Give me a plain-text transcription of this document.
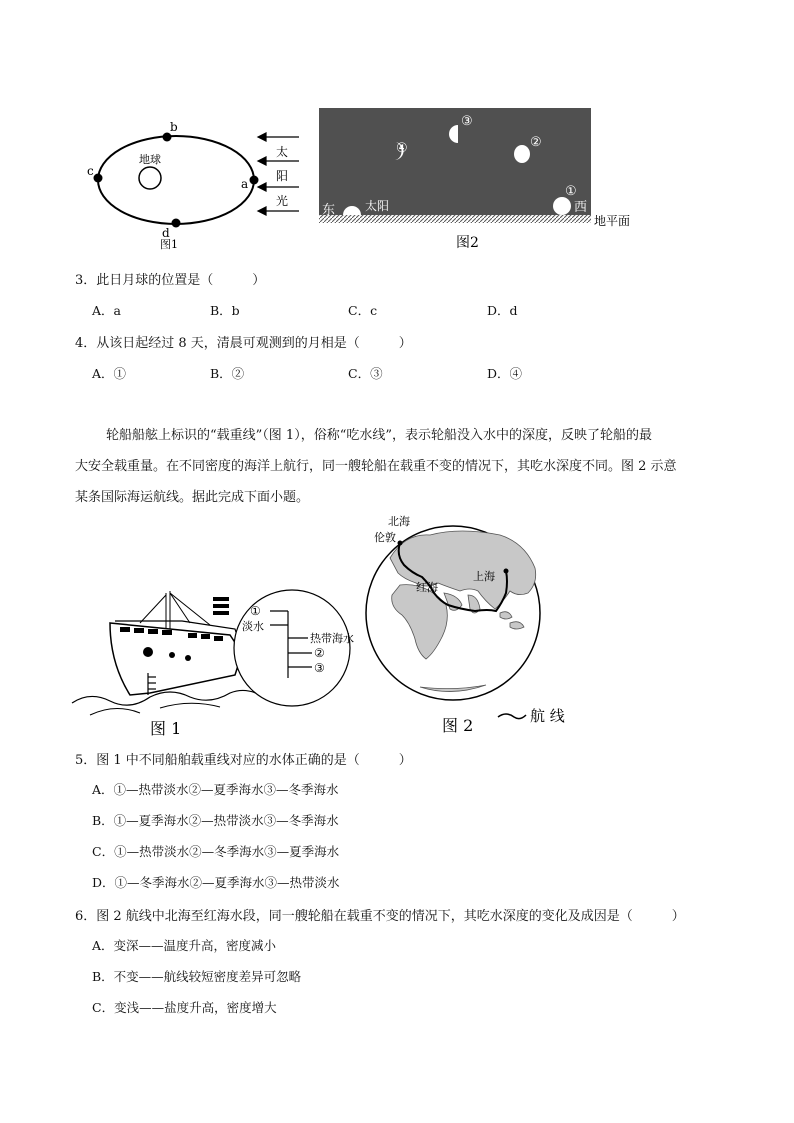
地球
b
c
a
d
图1
太
阳
光
③
④	②
①
西
东 太阳
地平面
图2
3．此日月球的位置是（　　　）
A．a	B．b	C．c	D．d
4．从该日起经过 8 天，清晨可观测到的月相是（　　　）
A．①	B．②	C．③	D．④
轮船船舷上标识的“载重线”（图 1），俗称“吃水线”，表示轮船没入水中的深度，反映了轮船的最
大安全载重量。在不同密度的海洋上航行，同一艘轮船在载重不变的情况下，其吃水深度不同。图 2 示意
某条国际海运航线。据此完成下面小题。
①
淡水
热带海水
②
③
图 1
北海
伦敦
上海
红海
图 2	航 线
5．图 1 中不同船舶载重线对应的水体正确的是（　　　）
A．①—热带淡水②—夏季海水③—冬季海水
B．①—夏季海水②—热带淡水③—冬季海水
C．①—热带淡水②—冬季海水③—夏季海水
D．①—冬季海水②—夏季海水③—热带淡水
6．图 2 航线中北海至红海水段，同一艘轮船在载重不变的情况下，其吃水深度的变化及成因是（　　　）
A．变深——温度升高，密度减小
B．不变——航线较短密度差异可忽略
C．变浅——盐度升高，密度增大
